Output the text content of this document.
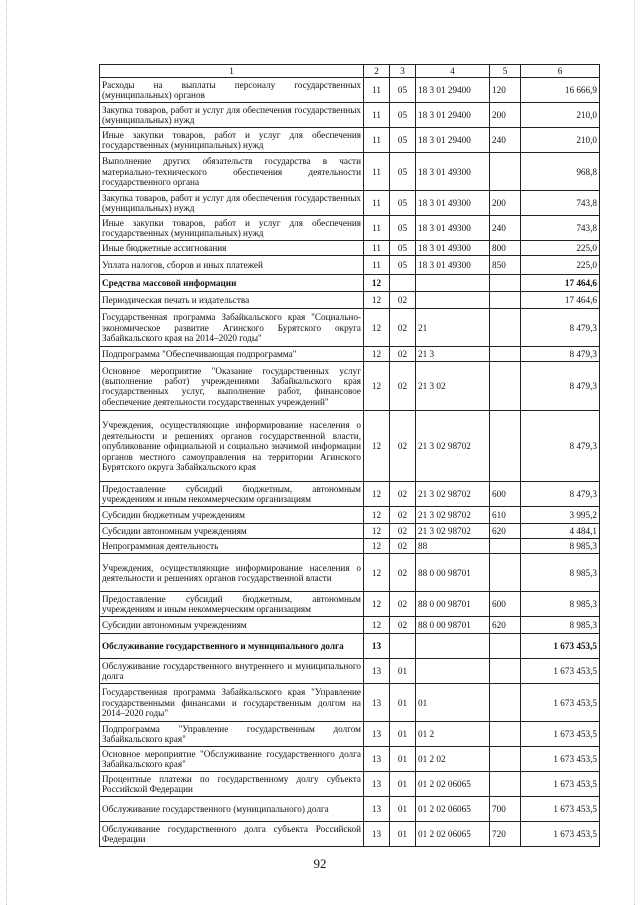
1	2	3	4	5	6
Расходы на выплаты персоналу государственных (муниципальных) органов	11	05	18 3 01 29400	120	16 666,9
Закупка товаров, работ и услуг для обеспечения государственных (муниципальных) нужд	11	05	18 3 01 29400	200	210,0
Иные закупки товаров, работ и услуг для обеспечения государственных (муниципальных) нужд	11	05	18 3 01 29400	240	210,0
Выполнение других обязательств государства в части материально-технического обеспечения деятельности государственного органа	11	05	18 3 01 49300		968,8
Закупка товаров, работ и услуг для обеспечения государственных (муниципальных) нужд	11	05	18 3 01 49300	200	743,8
Иные закупки товаров, работ и услуг для обеспечения государственных (муниципальных) нужд	11	05	18 3 01 49300	240	743,8
Иные бюджетные ассигнования	11	05	18 3 01 49300	800	225,0
Уплата налогов, сборов и иных платежей	11	05	18 3 01 49300	850	225,0
Средства массовой информации	12				17 464,6
Периодическая печать и издательства	12	02			17 464,6
Государственная программа Забайкальского края "Социально-экономическое развитие Агинского Бурятского округа Забайкальского края на 2014–2020 годы"	12	02	21		8 479,3
Подпрограмма "Обеспечивающая подпрограмма"	12	02	21 3		8 479,3
Основное мероприятие "Оказание государственных услуг (выполнение работ) учреждениями Забайкальского края государственных услуг, выполнение работ, финансовое обеспечение деятельности государственных учреждений"	12	02	21 3 02		8 479,3
Учреждения, осуществляющие информирование населения о деятельности и решениях органов государственной власти, опубликование официальной и социально значимой информации органов местного самоуправления на территории Агинского Бурятского округа Забайкальского края	12	02	21 3 02 98702		8 479,3
Предоставление субсидий бюджетным, автономным учреждениям и иным некоммерческим организациям	12	02	21 3 02 98702	600	8 479,3
Субсидии бюджетным учреждениям	12	02	21 3 02 98702	610	3 995,2
Субсидии автономным учреждениям	12	02	21 3 02 98702	620	4 484,1
Непрограммная деятельность	12	02	88		8 985,3
Учреждения, осуществляющие информирование населения о деятельности и решениях органов государственной власти	12	02	88 0 00 98701		8 985,3
Предоставление субсидий бюджетным, автономным учреждениям и иным некоммерческим организациям	12	02	88 0 00 98701	600	8 985,3
Субсидии автономным учреждениям	12	02	88 0 00 98701	620	8 985,3
Обслуживание государственного и муниципального долга	13				1 673 453,5
Обслуживание государственного внутреннего и муниципального долга	13	01			1 673 453,5
Государственная программа Забайкальского края "Управление государственными финансами и государственным долгом на 2014–2020 годы"	13	01	01		1 673 453,5
Подпрограмма "Управление государственным долгом Забайкальского края"	13	01	01 2		1 673 453,5
Основное мероприятие "Обслуживание государственного долга Забайкальского края"	13	01	01 2 02		1 673 453,5
Процентные платежи по государственному долгу субъекта Российской Федерации	13	01	01 2 02 06065		1 673 453,5
Обслуживание государственного (муниципального) долга	13	01	01 2 02 06065	700	1 673 453,5
Обслуживание государственного долга субъекта Российской Федерации	13	01	01 2 02 06065	720	1 673 453,5
92
